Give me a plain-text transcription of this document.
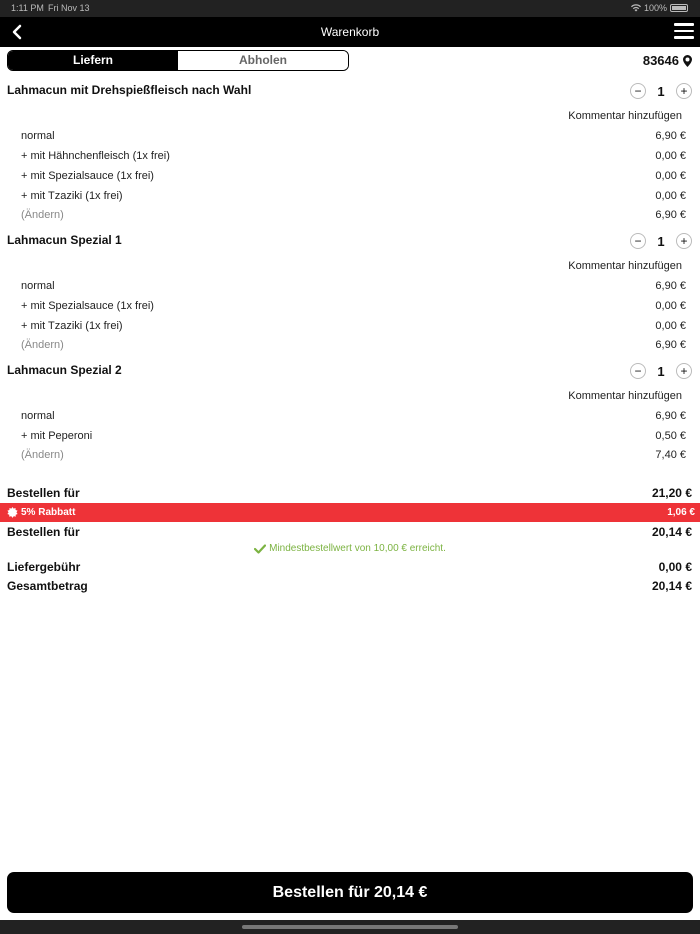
1:11 PM Fri Nov 13	100%
Warenkorb
Liefern	Abholen	83646
Lahmacun mit Drehspießfleisch nach Wahl	−	1	+
Kommentar hinzufügen
normal	6,90 €
+ mit Hähnchenfleisch (1x frei)	0,00 €
+ mit Spezialsauce (1x frei)	0,00 €
+ mit Tzaziki (1x frei)	0,00 €
(Ändern)	6,90 €
Lahmacun Spezial 1	−	1	+
Kommentar hinzufügen
normal	6,90 €
+ mit Spezialsauce (1x frei)	0,00 €
+ mit Tzaziki (1x frei)	0,00 €
(Ändern)	6,90 €
Lahmacun Spezial 2	−	1	+
Kommentar hinzufügen
normal	6,90 €
+ mit Peperoni	0,50 €
(Ändern)	7,40 €
Bestellen für	21,20 €
5% Rabbatt	1,06 €
Bestellen für	20,14 €
Mindestbestellwert von 10,00 € erreicht.
Liefergebühr	0,00 €
Gesamtbetrag	20,14 €
Bestellen für 20,14 €
